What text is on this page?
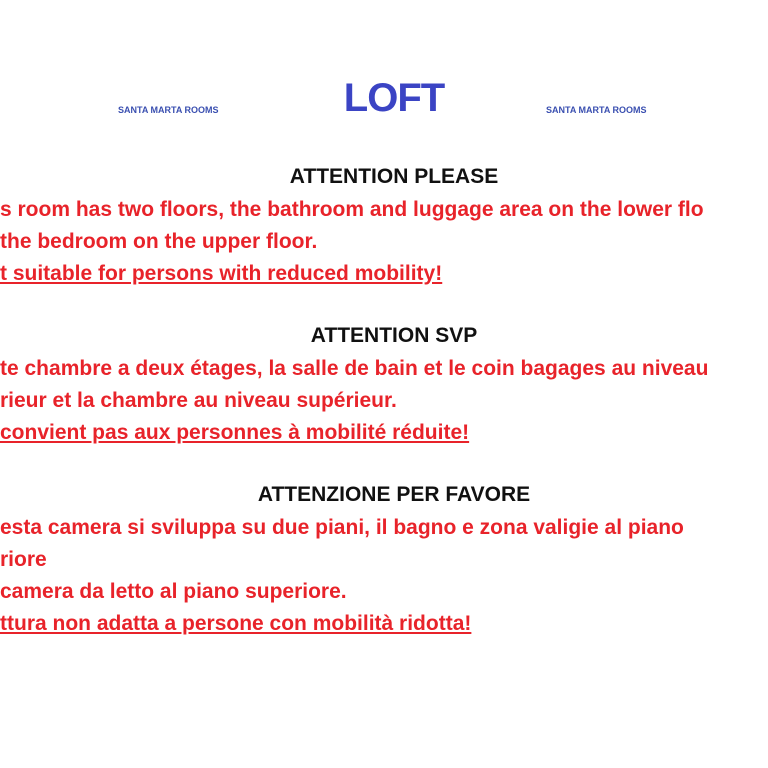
SANTA MARTA ROOMS	LOFT	SANTA MARTA ROOMS
ATTENTION PLEASE
s room has two floors, the bathroom and luggage area on the lower flo
the bedroom on the upper floor.
t suitable for persons with reduced mobility!
ATTENTION SVP
te chambre a deux étages, la salle de bain et le coin bagages au niveau
rieur et la chambre au niveau supérieur.
convient pas aux personnes à mobilité réduite!
ATTENZIONE PER FAVORE
esta camera si sviluppa su due piani, il bagno e zona valigie al piano
riore
camera da letto al piano superiore.
ttura non adatta a persone con mobilità ridotta!
